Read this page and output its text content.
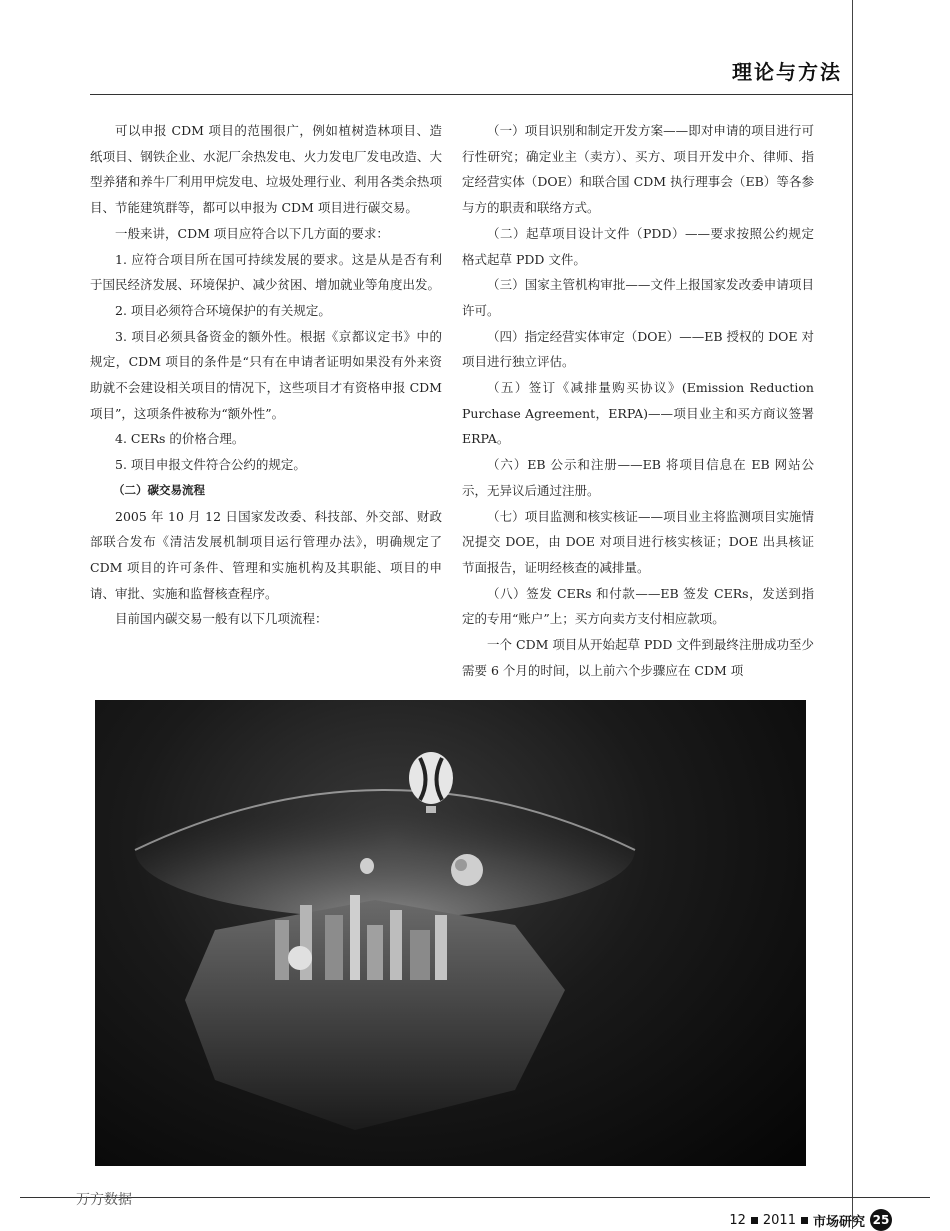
理论与方法

可以申报 CDM 项目的范围很广，例如植树造林项目、造纸项目、钢铁企业、水泥厂余热发电、火力发电厂发电改造、大型养猪和养牛厂利用甲烷发电、垃圾处理行业、利用各类余热项目、节能建筑群等，都可以申报为 CDM 项目进行碳交易。

一般来讲，CDM 项目应符合以下几方面的要求：

1. 应符合项目所在国可持续发展的要求。这是从是否有利于国民经济发展、环境保护、减少贫困、增加就业等角度出发。

2. 项目必须符合环境保护的有关规定。

3. 项目必须具备资金的额外性。根据《京都议定书》中的规定，CDM 项目的条件是“只有在申请者证明如果没有外来资助就不会建设相关项目的情况下，这些项目才有资格申报 CDM 项目”，这项条件被称为“额外性”。

4. CERs 的价格合理。

5. 项目申报文件符合公约的规定。

（二）碳交易流程

2005 年 10 月 12 日国家发改委、科技部、外交部、财政部联合发布《清洁发展机制项目运行管理办法》，明确规定了 CDM 项目的许可条件、管理和实施机构及其职能、项目的申请、审批、实施和监督核查程序。

目前国内碳交易一般有以下几项流程：

（一）项目识别和制定开发方案——即对申请的项目进行可行性研究；确定业主（卖方）、买方、项目开发中介、律师、指定经营实体（DOE）和联合国 CDM 执行理事会（EB）等各参与方的职责和联络方式。

（二）起草项目设计文件（PDD）——要求按照公约规定格式起草 PDD 文件。

（三）国家主管机构审批——文件上报国家发改委申请项目许可。

（四）指定经营实体审定（DOE）——EB 授权的 DOE 对项目进行独立评估。

（五）签订《减排量购买协议》(Emission Reduction Purchase Agreement，ERPA)——项目业主和买方商议签署 ERPA。

（六）EB 公示和注册——EB 将项目信息在 EB 网站公示，无异议后通过注册。

（七）项目监测和核实核证——项目业主将监测项目实施情况提交 DOE，由 DOE 对项目进行核实核证；DOE 出具核证节面报告，证明经核查的减排量。

（八）签发 CERs 和付款——EB 签发 CERs，发送到指定的专用“账户”上；买方向卖方支付相应款项。

一个 CDM 项目从开始起草 PDD 文件到最终注册成功至少需要 6 个月的时间，以上前六个步骤应在 CDM 项

万方数据
12 2011 市场研究 25
